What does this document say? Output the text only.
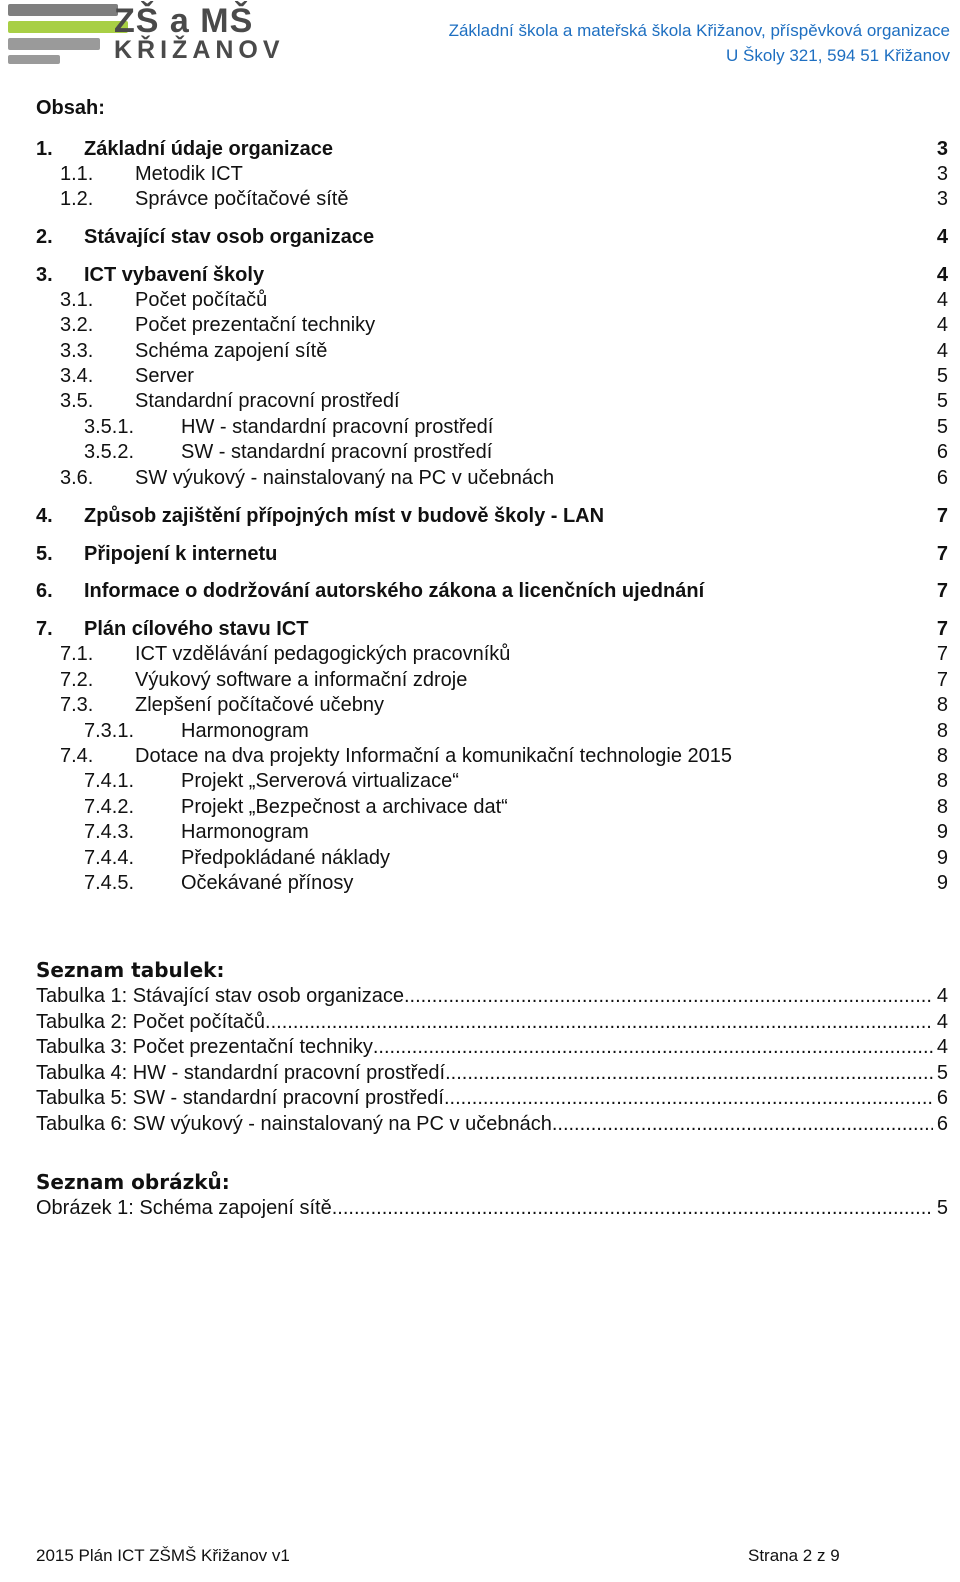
ZŠ a MŠ
KŘIŽANOV
Základní škola a mateřská škola Křižanov, příspěvková organizace
U Školy 321, 594 51 Křižanov
Obsah:
1. Základní údaje organizace	3
1.1. Metodik ICT	3
1.2. Správce počítačové sítě	3
2. Stávající stav osob organizace	4
3. ICT vybavení školy	4
3.1. Počet počítačů	4
3.2. Počet prezentační techniky	4
3.3. Schéma zapojení sítě	4
3.4. Server	5
3.5. Standardní pracovní prostředí	5
3.5.1. HW - standardní pracovní prostředí	5
3.5.2. SW - standardní pracovní prostředí	6
3.6. SW výukový - nainstalovaný na PC v učebnách	6
4. Způsob zajištění přípojných míst v budově školy - LAN	7
5. Připojení k internetu	7
6. Informace o dodržování autorského zákona a licenčních ujednání	7
7. Plán cílového stavu ICT	7
7.1. ICT vzdělávání pedagogických pracovníků	7
7.2. Výukový software a informační zdroje	7
7.3. Zlepšení počítačové učebny	8
7.3.1. Harmonogram	8
7.4. Dotace na dva projekty Informační a komunikační technologie 2015	8
7.4.1. Projekt „Serverová virtualizace“	8
7.4.2. Projekt „Bezpečnost a archivace dat“	8
7.4.3. Harmonogram	9
7.4.4. Předpokládané náklady	9
7.4.5. Očekávané přínosy	9
Seznam tabulek:
Tabulka 1: Stávající stav osob organizace .....	4
Tabulka 2: Počet počítačů .....	4
Tabulka 3: Počet prezentační techniky .....	4
Tabulka 4: HW - standardní pracovní prostředí .....	5
Tabulka 5: SW - standardní pracovní prostředí .....	6
Tabulka 6: SW výukový - nainstalovaný na PC v učebnách .....	6
Seznam obrázků:
Obrázek 1: Schéma zapojení sítě .....	5
2015 Plán ICT ZŠMŠ Křižanov v1	Strana 2 z 9
